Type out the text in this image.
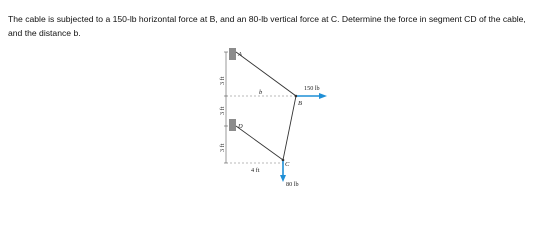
The cable is subjected to a 150-lb horizontal force at B, and an 80-lb vertical force at C. Determine the force in segment CD of the cable, and the distance b.
A
B
C
D
b
150 lb
80 lb
4 ft
3 ft
3 ft
3 ft
